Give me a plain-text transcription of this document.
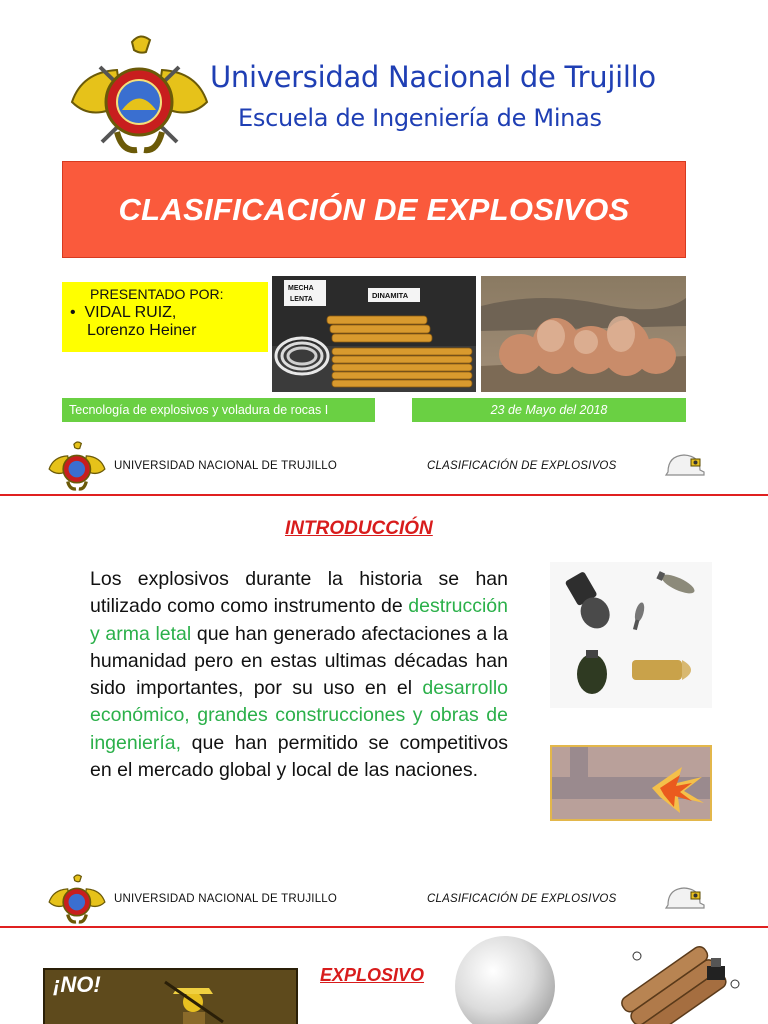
Universidad Nacional de Trujillo
Escuela de Ingeniería de Minas
CLASIFICACIÓN DE EXPLOSIVOS
PRESENTADO POR:
•  VIDAL RUIZ,
Lorenzo Heiner
MECHA
LENTA	DINAMITA
Tecnología de explosivos y voladura de rocas I	23 de Mayo del 2018
UNIVERSIDAD NACIONAL DE TRUJILLO	CLASIFICACIÓN DE EXPLOSIVOS
INTRODUCCIÓN

Los explosivos durante la historia se han utilizado como como instrumento de destrucción y arma letal que han generado afectaciones a la humanidad pero en estas ultimas décadas han sido importantes, por su uso en el desarrollo económico, grandes construcciones y obras de ingeniería, que han permitido se competitivos en el mercado global y local de las naciones.

UNIVERSIDAD NACIONAL DE TRUJILLO	CLASIFICACIÓN DE EXPLOSIVOS
¡NO!	EXPLOSIVO
